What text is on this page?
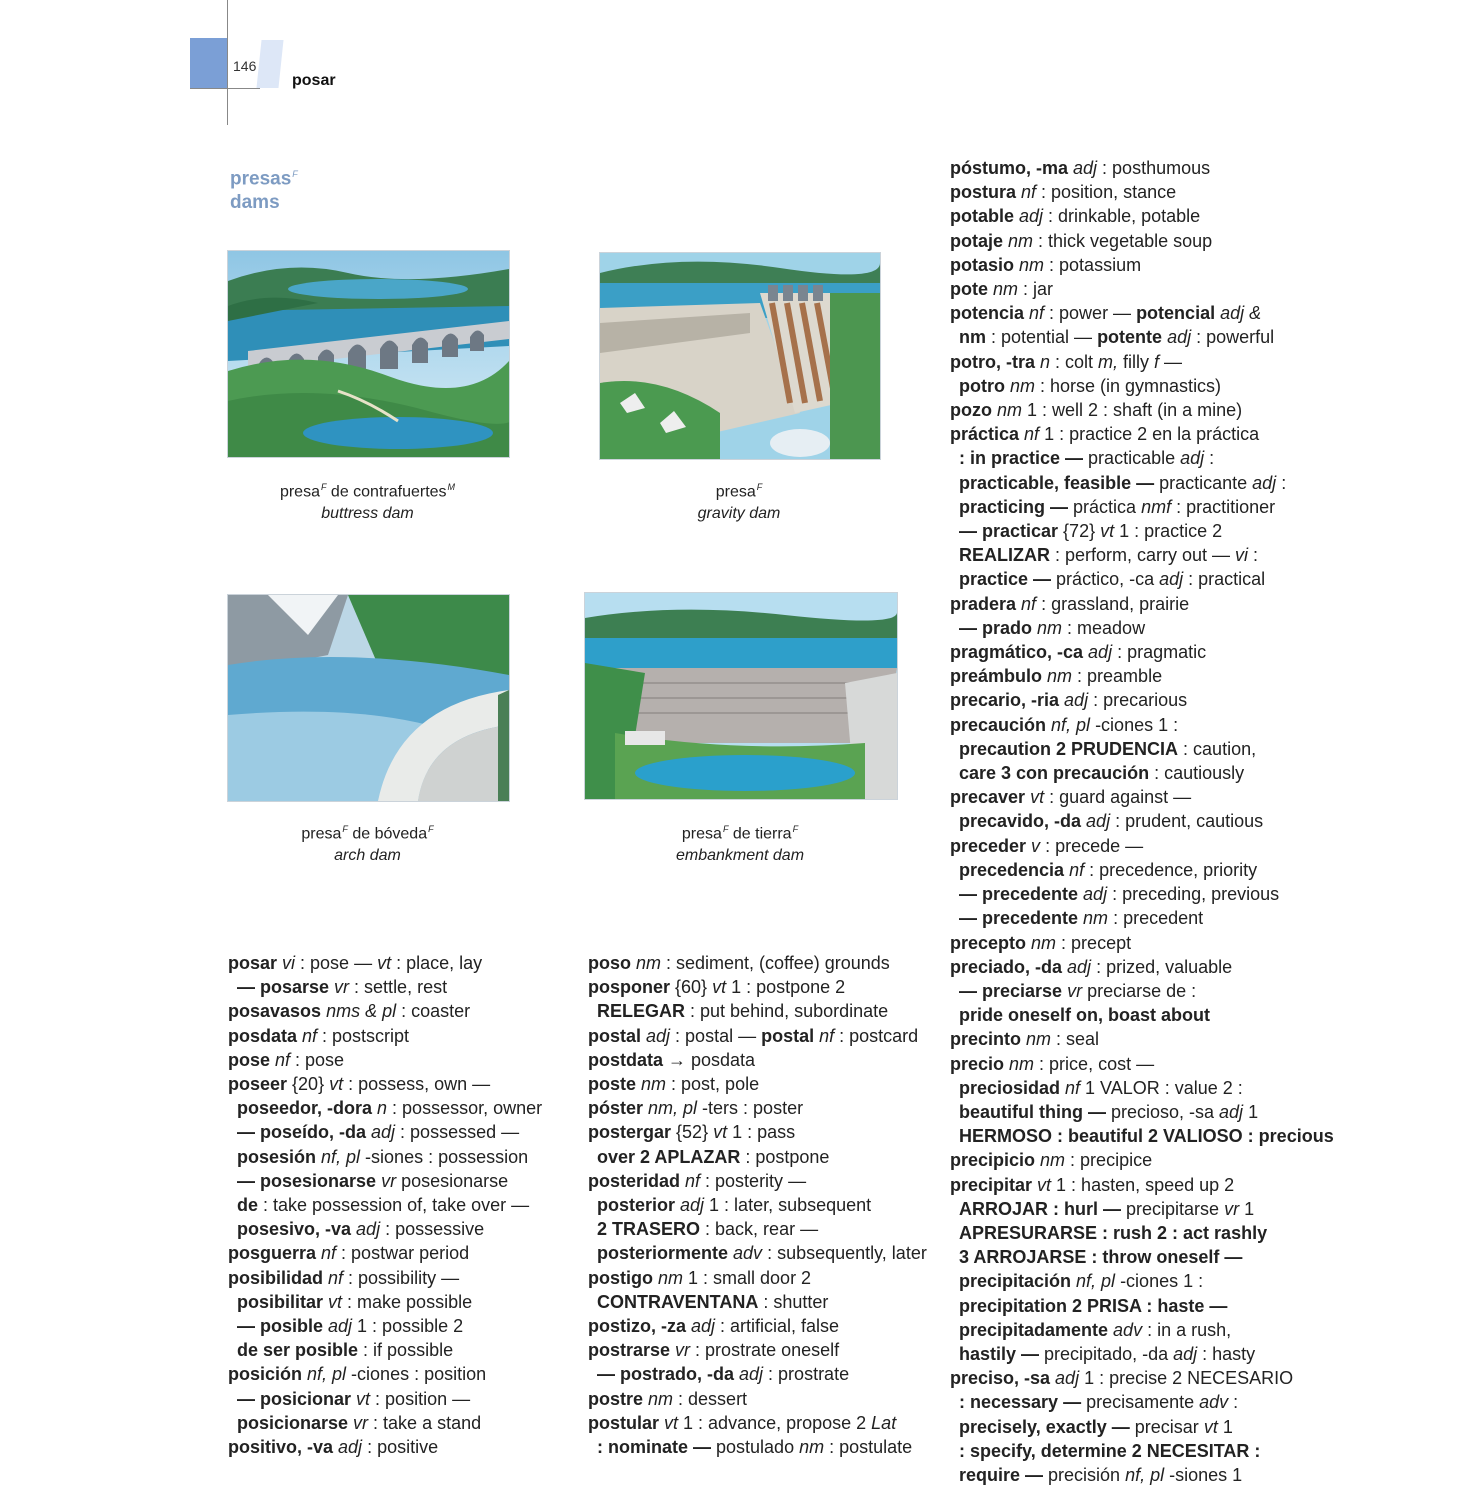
146
posar
presas$^F$
dams
presa$^F$ de contrafuertes$^M$
buttress dam
presa$^F$
gravity dam
presa$^F$ de bóveda$^F$
arch dam
presa$^F$ de tierra$^F$
embankment dam
posar vi : pose — vt : place, lay
— posarse vr : settle, rest
posavasos nms & pl : coaster
posdata nf : postscript
pose nf : pose
poseer {20} vt : possess, own —
poseedor, -dora n : possessor, owner
— poseído, -da adj : possessed —
posesión nf, pl -siones : possession
— posesionarse vr posesionarse
de : take possession of, take over —
posesivo, -va adj : possessive
posguerra nf : postwar period
posibilidad nf : possibility —
posibilitar vt : make possible
— posible adj 1 : possible 2
de ser posible : if possible
posición nf, pl -ciones : position
— posicionar vt : position —
posicionarse vr : take a stand
positivo, -va adj : positive
poso nm : sediment, (coffee) grounds
posponer {60} vt 1 : postpone 2
RELEGAR : put behind, subordinate
postal adj : postal — postal nf : postcard
postdata → posdata
poste nm : post, pole
póster nm, pl -ters : poster
postergar {52} vt 1 : pass
over 2 APLAZAR : postpone
posteridad nf : posterity —
posterior adj 1 : later, subsequent
2 TRASERO : back, rear —
posteriormente adv : subsequently, later
postigo nm 1 : small door 2
CONTRAVENTANA : shutter
postizo, -za adj : artificial, false
postrarse vr : prostrate oneself
— postrado, -da adj : prostrate
postre nm : dessert
postular vt 1 : advance, propose 2 Lat
: nominate — postulado nm : postulate
póstumo, -ma adj : posthumous
postura nf : position, stance
potable adj : drinkable, potable
potaje nm : thick vegetable soup
potasio nm : potassium
pote nm : jar
potencia nf : power — potencial adj &
nm : potential — potente adj : powerful
potro, -tra n : colt m, filly f —
potro nm : horse (in gymnastics)
pozo nm 1 : well 2 : shaft (in a mine)
práctica nf 1 : practice 2 en la práctica
: in practice — practicable adj :
practicable, feasible — practicante adj :
practicing — práctica nmf : practitioner
— practicar {72} vt 1 : practice 2
REALIZAR : perform, carry out — vi :
practice — práctico, -ca adj : practical
pradera nf : grassland, prairie
— prado nm : meadow
pragmático, -ca adj : pragmatic
preámbulo nm : preamble
precario, -ria adj : precarious
precaución nf, pl -ciones 1 :
precaution 2 PRUDENCIA : caution,
care 3 con precaución : cautiously
precaver vt : guard against —
precavido, -da adj : prudent, cautious
preceder v : precede —
precedencia nf : precedence, priority
— precedente adj : preceding, previous
— precedente nm : precedent
precepto nm : precept
preciado, -da adj : prized, valuable
— preciarse vr preciarse de :
pride oneself on, boast about
precinto nm : seal
precio nm : price, cost —
preciosidad nf 1 VALOR : value 2 :
beautiful thing — precioso, -sa adj 1
HERMOSO : beautiful 2 VALIOSO : precious
precipicio nm : precipice
precipitar vt 1 : hasten, speed up 2
ARROJAR : hurl — precipitarse vr 1
APRESURARSE : rush 2 : act rashly
3 ARROJARSE : throw oneself —
precipitación nf, pl -ciones 1 :
precipitation 2 PRISA : haste —
precipitadamente adv : in a rush,
hastily — precipitado, -da adj : hasty
preciso, -sa adj 1 : precise 2 NECESARIO
: necessary — precisamente adv :
precisely, exactly — precisar vt 1
: specify, determine 2 NECESITAR :
require — precisión nf, pl -siones 1
